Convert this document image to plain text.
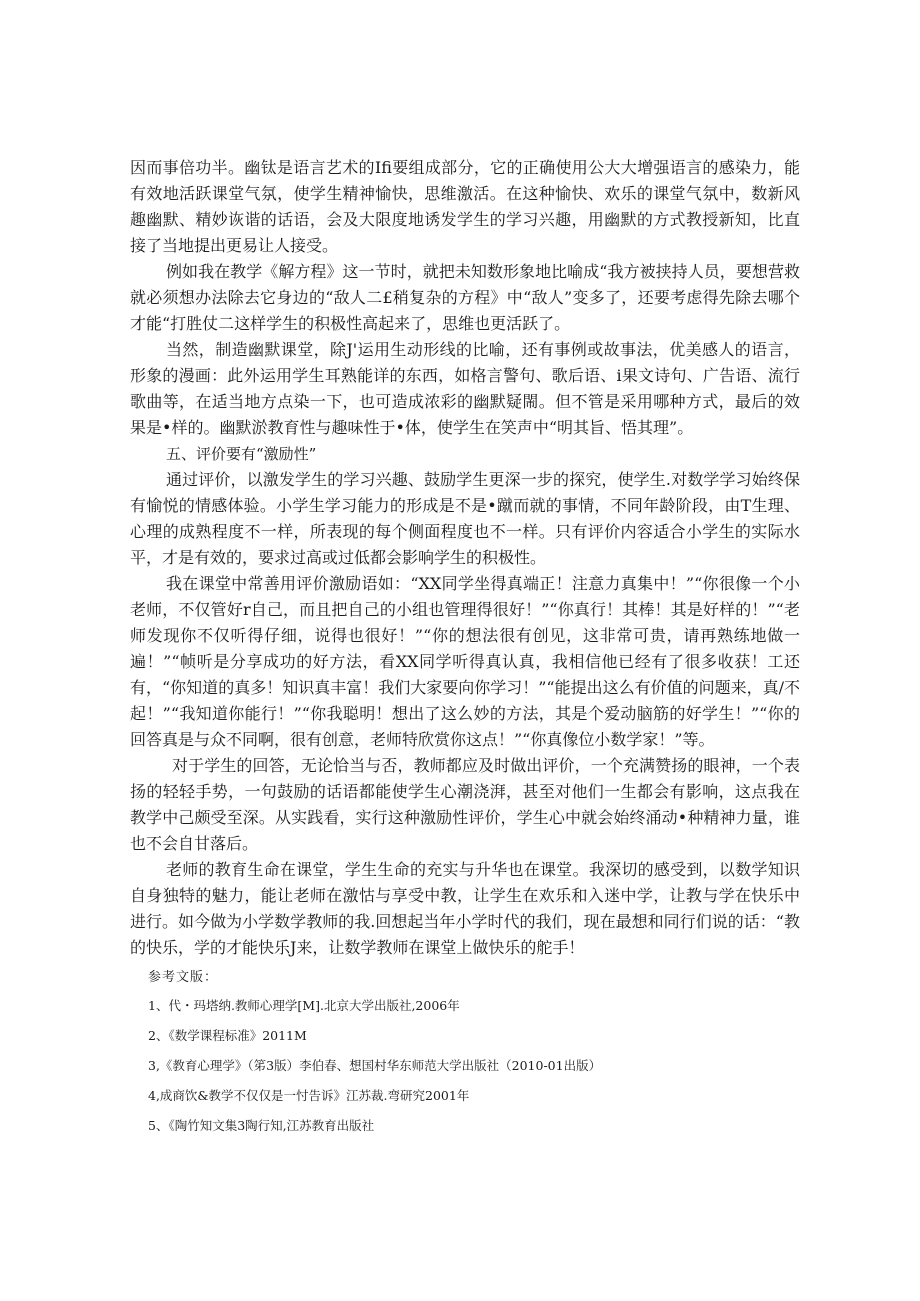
因而事倍功半。幽钛是语言艺术的Ifi要组成部分，它的正确使用公大大增强语言的感染力，能有效地活跃课堂气氛，使学生精神愉快，思维激活。在这种愉快、欢乐的课堂气氛中，数新风趣幽默、精妙诙谐的话语，会及大限度地诱发学生的学习兴趣，用幽默的方式教授新知，比直接了当地提出更易让人接受。

例如我在教学《解方程》这一节时，就把未知数形象地比喻成“我方被挟持人员，要想营救就必须想办法除去它身边的“敌人二£稍复杂的方程》中“敌人”变多了，还要考虑得先除去哪个才能“打胜仗二这样学生的积极性高起来了，思维也更活跃了。

当然，制造幽默课堂，除J'运用生动形线的比喻，还有事例或故事法，优美感人的语言，形象的漫画：此外运用学生耳熟能详的东西，如格言警句、歌后语、i果文诗句、广告语、流行歌曲等，在适当地方点染一下，也可造成浓彩的幽默疑閙。但不管是采用哪种方式，最后的效果是•样的。幽默淤教育性与趣味性于•体，使学生在笑声中“明其旨、悟其理”。

五、评价要有“激励性”

通过评价，以激发学生的学习兴趣、鼓励学生更深一步的探究，使学生.对数学学习始终保有愉悦的情感体验。小学生学习能力的形成是不是•蹴而就的事情，不同年龄阶段，由T生理、心理的成熟程度不一样，所表现的每个侧面程度也不一样。只有评价内容适合小学生的实际水平，才是有效的，要求过高或过低都会影响学生的积极性。

我在课堂中常善用评价激励语如：“XX同学坐得真端正！注意力真集中！”“你很像一个小老师，不仅管好r自己，而且把自己的小组也管理得很好！”“你真行！其棒！其是好样的！”“老师发现你不仅听得仔细，说得也很好！”“你的想法很有创见，这非常可贵，请再熟练地做一遍！”“帧听是分享成功的好方法，看XX同学听得真认真，我相信他已经有了很多收获！工还有，“你知道的真多！知识真丰富！我们大家要向你学习！”“能提出这么有价值的问题来，真/不起！”“我知道你能行！”“你我聪明！想出了这么妙的方法，其是个爱动脑筋的好学生！”“你的回答真是与众不同啊，很有创意，老师特欣赏你这点！”“你真像位小数学家！”等。

对于学生的回答，无论恰当与否，教师都应及时做出评价，一个充满赞扬的眼神，一个表扬的轻轻手势，一句鼓励的话语都能使学生心潮浇湃，甚至对他们一生都会有影响，这点我在教学中己颇受至深。从实践看，实行这种激励性评价，学生心中就会始终涌动•种精神力量，谁也不会自甘落后。

老师的教育生命在课堂，学生生命的充实与升华也在课堂。我深切的感受到，以数学知识自身独特的魅力，能让老师在激怙与享受中教，让学生在欢乐和入迷中学，让教与学在快乐中进行。如今做为小学数学教师的我.回想起当年小学时代的我们，现在最想和同行们说的话：“教的快乐，学的才能快乐J来，让数学教师在课堂上做快乐的舵手！

参考文版：

1、代・玛塔纳.教师心理学[M].北京大学出版社,2006年

2、《数学课程标准》2011M

3,《教育心理学》（笫3版）李伯春、想国村华东师范大学出版社（2010-01出版）

4,成商饮&教学不仅仅是一忖告诉》江苏裁.弯研究2001年

5、《陶竹知文集3陶行知,江苏教育出版社
